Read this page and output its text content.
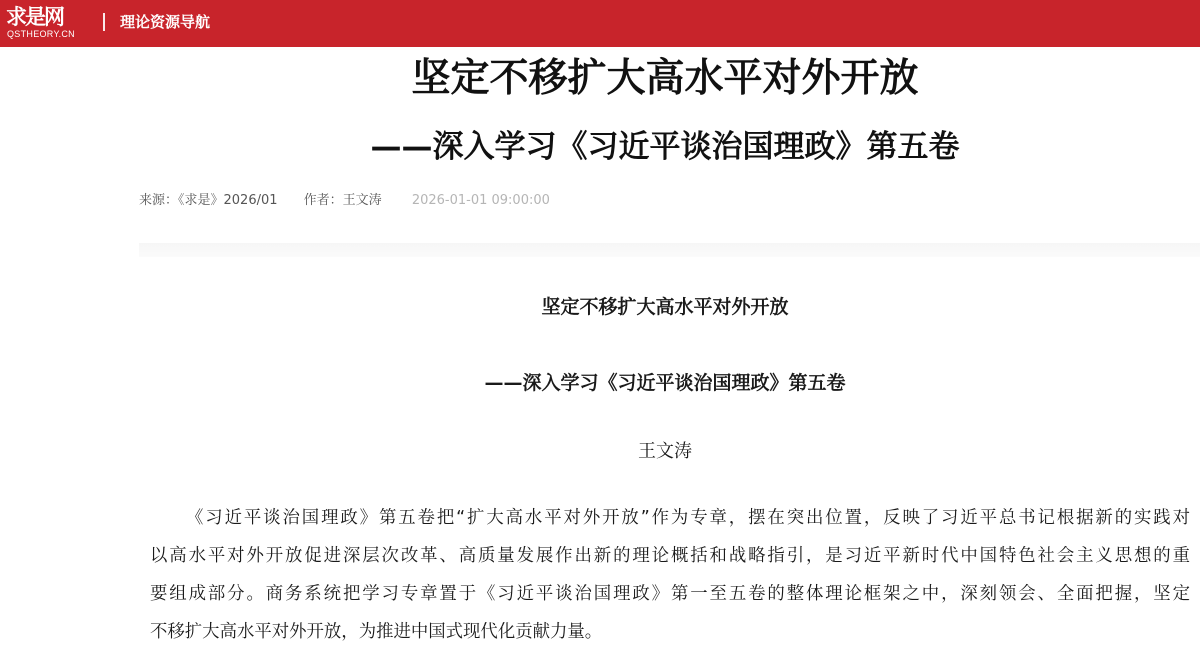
求是网
QSTHEORY.CN
理论资源导航
坚定不移扩大高水平对外开放
——深入学习《习近平谈治国理政》第五卷
来源：《求是》2026/01 作者：王文涛 2026-01-01 09:00:00
坚定不移扩大高水平对外开放
——深入学习《习近平谈治国理政》第五卷
王文涛
《习近平谈治国理政》第五卷把“扩大高水平对外开放”作为专章，摆在突出位置，反映了习近平总书记根据新的实践对
以高水平对外开放促进深层次改革、高质量发展作出新的理论概括和战略指引，是习近平新时代中国特色社会主义思想的重
要组成部分。商务系统把学习专章置于《习近平谈治国理政》第一至五卷的整体理论框架之中，深刻领会、全面把握，坚定
不移扩大高水平对外开放，为推进中国式现代化贡献力量。
